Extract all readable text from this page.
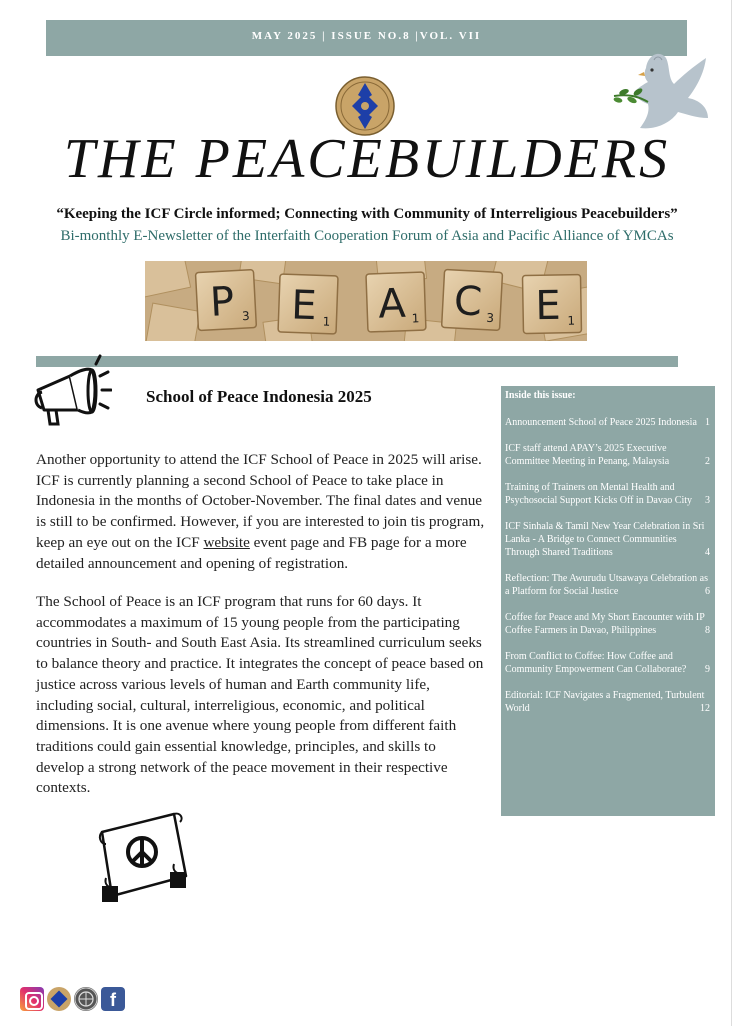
MAY 2025 | ISSUE NO.8 |VOL. VII
THE PEACEBUILDERS
“Keeping the ICF Circle informed; Connecting with Community of Interreligious Peacebuilders”
Bi-monthly E-Newsletter of the Interfaith Cooperation Forum of Asia and Pacific Alliance of YMCAs
P 3 E 1 A 1 C 3 E 1
School of Peace Indonesia 2025

Another opportunity to attend the ICF School of Peace in 2025 will arise. ICF is currently planning a second School of Peace to take place in Indonesia in the months of October-November. The final dates and venue is still to be confirmed. However, if you are interested to join tis program, keep an eye out on the ICF website event page and FB page for a more detailed announcement and opening of registration.

The School of Peace is an ICF program that runs for 60 days. It accommodates a maximum of 15 young people from the participating countries in South- and South East Asia. Its streamlined curriculum seeks to balance theory and practice. It integrates the concept of peace based on justice across various levels of human and Earth community life, including social, cultural, interreligious, economic, and political dimensions. It is one avenue where young people from different faith traditions could gain essential knowledge, principles, and skills to develop a strong network of the peace movement in their respective contexts.

Inside this issue:
Announcement School of Peace 2025 Indonesia 1
ICF staff attend APAY’s 2025 Executive Committee Meeting in Penang, Malaysia	2
Training of Trainers on Mental Health and Psychosocial Support Kicks Off in Davao City 3
ICF Sinhala & Tamil New Year Celebration in Sri Lanka - A Bridge to Connect Communities Through Shared Traditions	4
Reflection: The Awurudu Utsawaya Celebration as a Platform for Social Justice	6
Coffee for Peace and My Short Encounter with IP Coffee Farmers in Davao, Philippines	8
From Conflict to Coffee: How Coffee and Community Empowerment Can Collaborate? 9
Editorial: ICF Navigates a Fragmented, Turbulent World	12
f
